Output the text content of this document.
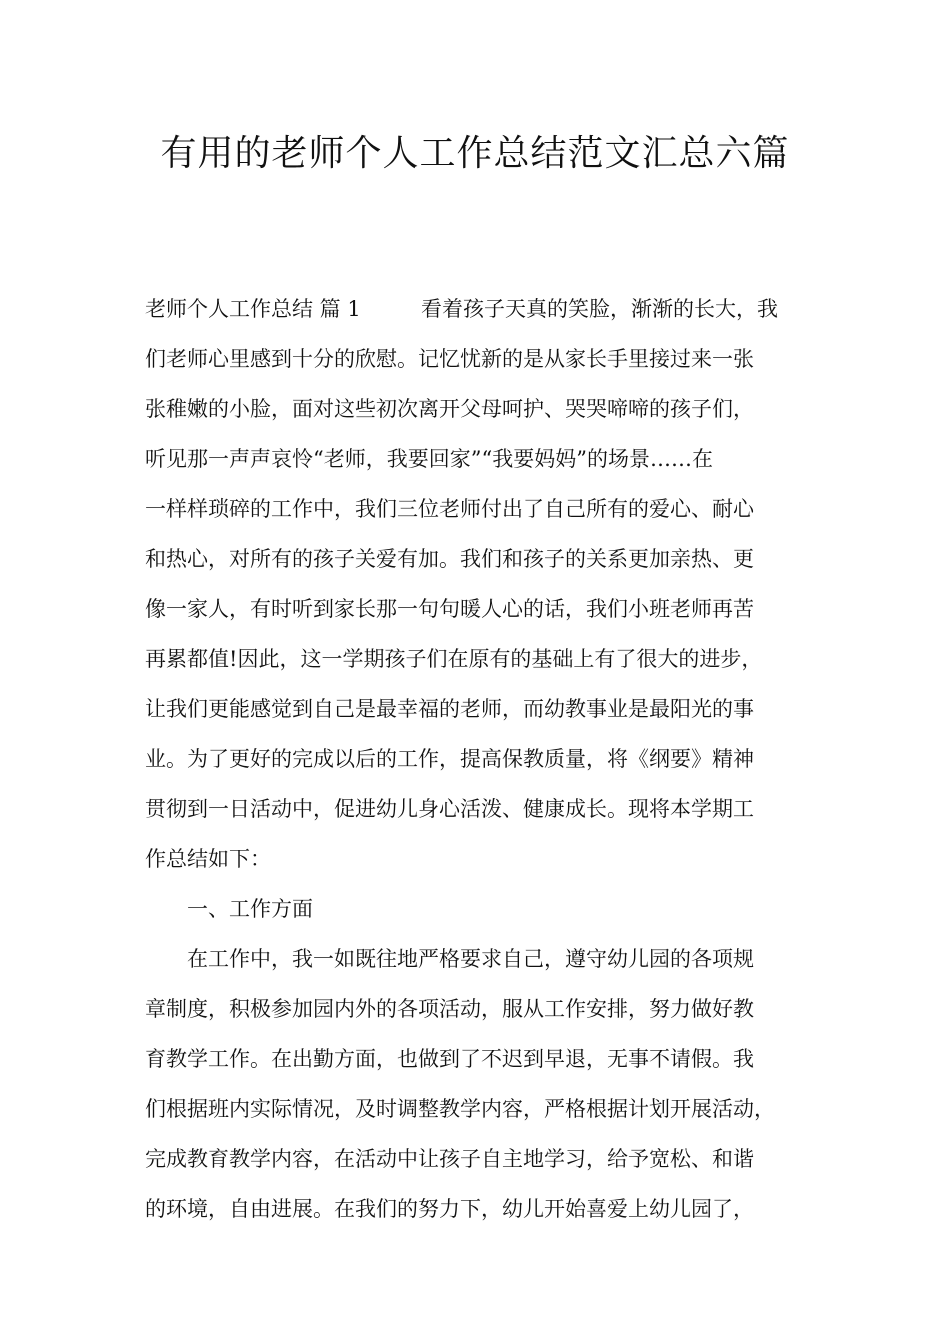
有用的老师个人工作总结范文汇总六篇
老师个人工作总结 篇 1	看着孩子天真的笑脸，渐渐的长大，我
们老师心里感到十分的欣慰。记忆忧新的是从家长手里接过来一张
张稚嫩的小脸，面对这些初次离开父母呵护、哭哭啼啼的孩子们，
听见那一声声哀怜“老师，我要回家”“我要妈妈”的场景……在
一样样琐碎的工作中，我们三位老师付出了自己所有的爱心、耐心
和热心，对所有的孩子关爱有加。我们和孩子的关系更加亲热、更
像一家人，有时听到家长那一句句暖人心的话，我们小班老师再苦
再累都值!因此，这一学期孩子们在原有的基础上有了很大的进步，
让我们更能感觉到自己是最幸福的老师，而幼教事业是最阳光的事
业。为了更好的完成以后的工作，提高保教质量，将《纲要》精神
贯彻到一日活动中，促进幼儿身心活泼、健康成长。现将本学期工
作总结如下：
一、工作方面
在工作中，我一如既往地严格要求自己，遵守幼儿园的各项规
章制度，积极参加园内外的各项活动，服从工作安排，努力做好教
育教学工作。在出勤方面，也做到了不迟到早退，无事不请假。我
们根据班内实际情况，及时调整教学内容，严格根据计划开展活动，
完成教育教学内容，在活动中让孩子自主地学习，给予宽松、和谐
的环境，自由进展。在我们的努力下，幼儿开始喜爱上幼儿园了，
